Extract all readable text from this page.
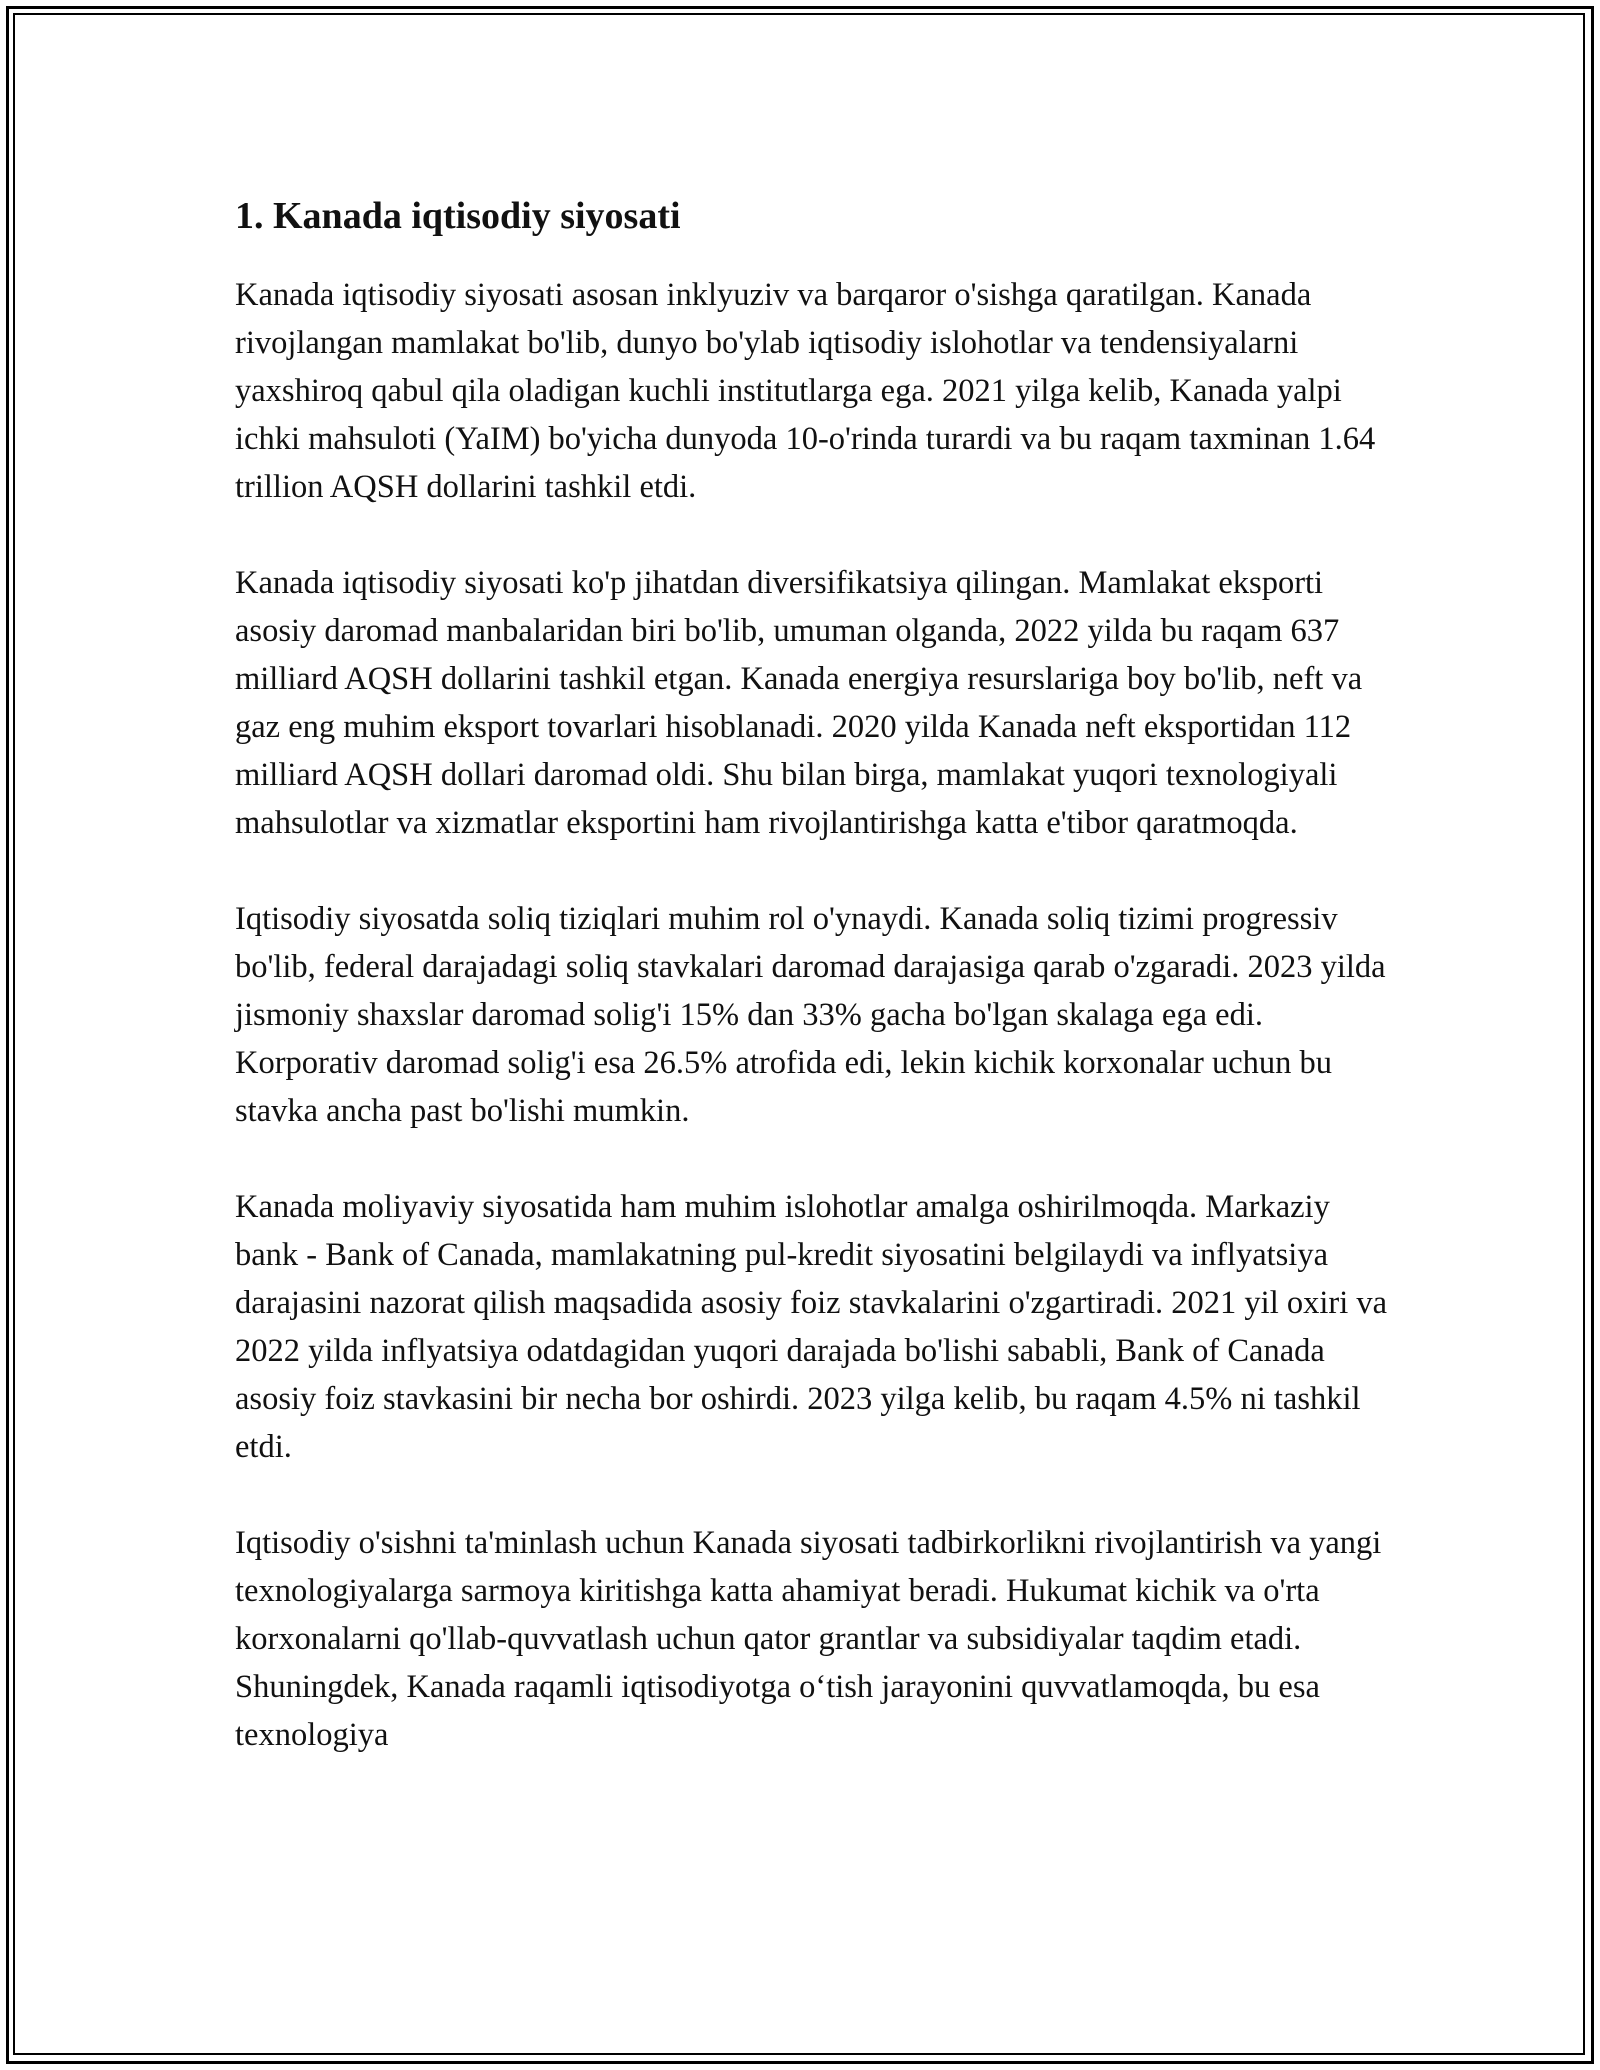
1. Kanada iqtisodiy siyosati

Kanada iqtisodiy siyosati asosan inklyuziv va barqaror o'sishga qaratilgan. Kanada rivojlangan mamlakat bo'lib, dunyo bo'ylab iqtisodiy islohotlar va tendensiyalarni yaxshiroq qabul qila oladigan kuchli institutlarga ega. 2021 yilga kelib, Kanada yalpi ichki mahsuloti (YaIM) bo'yicha dunyoda 10-o'rinda turardi va bu raqam taxminan 1.64 trillion AQSH dollarini tashkil etdi.

Kanada iqtisodiy siyosati ko'p jihatdan diversifikatsiya qilingan. Mamlakat eksporti asosiy daromad manbalaridan biri bo'lib, umuman olganda, 2022 yilda bu raqam 637 milliard AQSH dollarini tashkil etgan. Kanada energiya resurslariga boy bo'lib, neft va gaz eng muhim eksport tovarlari hisoblanadi. 2020 yilda Kanada neft eksportidan 112 milliard AQSH dollari daromad oldi. Shu bilan birga, mamlakat yuqori texnologiyali mahsulotlar va xizmatlar eksportini ham rivojlantirishga katta e'tibor qaratmoqda.

Iqtisodiy siyosatda soliq tiziqlari muhim rol o'ynaydi. Kanada soliq tizimi progressiv bo'lib, federal darajadagi soliq stavkalari daromad darajasiga qarab o'zgaradi. 2023 yilda jismoniy shaxslar daromad solig'i 15% dan 33% gacha bo'lgan skalaga ega edi. Korporativ daromad solig'i esa 26.5% atrofida edi, lekin kichik korxonalar uchun bu stavka ancha past bo'lishi mumkin.

Kanada moliyaviy siyosatida ham muhim islohotlar amalga oshirilmoqda. Markaziy bank - Bank of Canada, mamlakatning pul-kredit siyosatini belgilaydi va inflyatsiya darajasini nazorat qilish maqsadida asosiy foiz stavkalarini o'zgartiradi. 2021 yil oxiri va 2022 yilda inflyatsiya odatdagidan yuqori darajada bo'lishi sababli, Bank of Canada asosiy foiz stavkasini bir necha bor oshirdi. 2023 yilga kelib, bu raqam 4.5% ni tashkil etdi.

Iqtisodiy o'sishni ta'minlash uchun Kanada siyosati tadbirkorlikni rivojlantirish va yangi texnologiyalarga sarmoya kiritishga katta ahamiyat beradi. Hukumat kichik va o'rta korxonalarni qo'llab-quvvatlash uchun qator grantlar va subsidiyalar taqdim etadi. Shuningdek, Kanada raqamli iqtisodiyotga o‘tish jarayonini quvvatlamoqda, bu esa texnologiya
